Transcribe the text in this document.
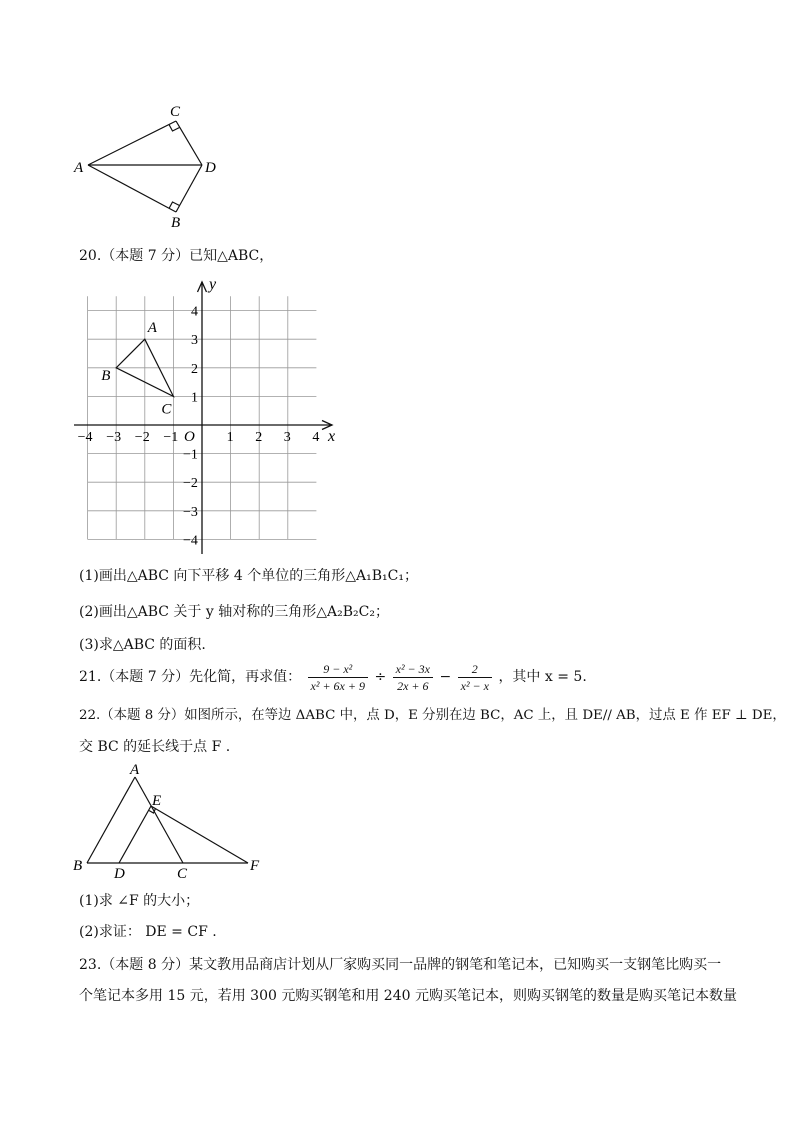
C
A	D
B
20.（本题 7 分）已知△ABC，
−4 −3 −2 −1	1 2 3 4
4
3
2
1
−1
−2
−3
−4
A
B
C
y
x
O
(1)画出△ABC 向下平移 4 个单位的三角形△A₁B₁C₁；
(2)画出△ABC 关于 y 轴对称的三角形△A₂B₂C₂；
(3)求△ABC 的面积.
21.（本题 7 分）先化简，再求值： $\frac{\text{9 − x²}}{\text{x² + 6x + 9}} \div \frac{\text{x² − 3x}}{2x + 6} - \frac{2}{\text{x² − x}}$ ，其中 x = 5.
22.（本题 8 分）如图所示，在等边 ΔABC 中，点 D，E 分别在边 BC，AC 上，且 DE// AB，过点 E 作 EF ⊥ DE，
交 BC 的延长线于点 F .
A
E
B D	C	F
(1)求 ∠F 的大小；
(2)求证： DE = CF .
23.（本题 8 分）某文教用品商店计划从厂家购买同一品牌的钢笔和笔记本，已知购买一支钢笔比购买一
个笔记本多用 15 元，若用 300 元购买钢笔和用 240 元购买笔记本，则购买钢笔的数量是购买笔记本数量
